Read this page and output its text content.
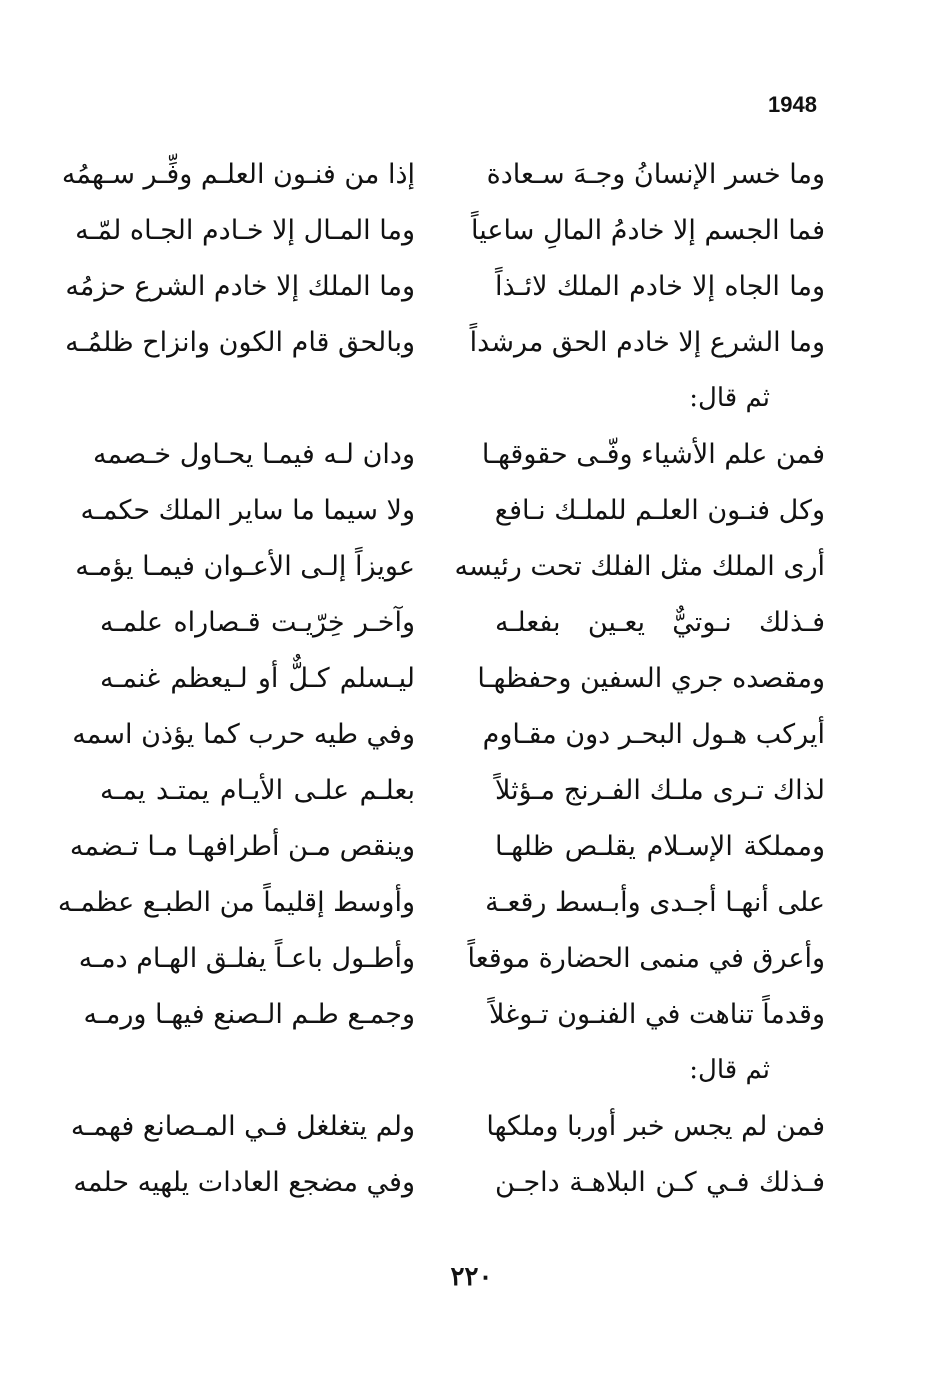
1948
وما خسر الإنسانُ وجـهَ سـعادة
إذا من فنـون العلـم وفِّـر سـهمُه
فما الجسم إلا خادمُ المالِ ساعياً
وما المـال إلا خـادم الجـاه لمّـه
وما الجاه إلا خادم الملك لائـذاً
وما الملك إلا خادم الشرع حزمُه
وما الشرع إلا خادم الحق مرشداً
وبالحق قام الكون وانزاح ظلمُـه
ثم قال:
فمن علم الأشياء وفّـى حقوقهـا
ودان لـه فيمـا يحـاول خـصمه
وكل فنـون العلـم للملـك نـافع
ولا سيما ما ساير الملك حكمـه
أرى الملك مثل الفلك تحت رئيسه
عويزاً إلـى الأعـوان فيمـا يؤمـه
فـذلك نـوتيٌّ يعـين بفعلـه
وآخـر خِرّيـت قـصاراه علمـه
ومقصده جري السفين وحفظهـا
ليـسلم كـلٌّ أو لـيعظم غنمـه
أيركب هـول البحـر دون مقـاوم
وفي طيه حرب كما يؤذن اسمه
لذاك تـرى ملـك الفـرنج مـؤثلاً
بعلـم علـى الأيـام يمتـد يمـه
ومملكة الإسـلام يقلـص ظلهـا
وينقص مـن أطرافهـا مـا تـضمه
على أنهـا أجـدى وأبـسط رقعـة
وأوسط إقليماً من الطبـع عظمـه
وأعرق في منمى الحضارة موقعاً
وأطـول باعـاً يفلـق الهـام دمـه
وقدماً تناهت في الفنـون تـوغلاً
وجمـع طـم الـصنع فيهـا ورمـه
ثم قال:
فمن لم يجس خبر أوربا وملكها
ولم يتغلغل فـي المـصانع فهمـه
فـذلك فـي كـن البلاهـة داجـن
وفي مضجع العادات يلهيه حلمه
٢٢٠
